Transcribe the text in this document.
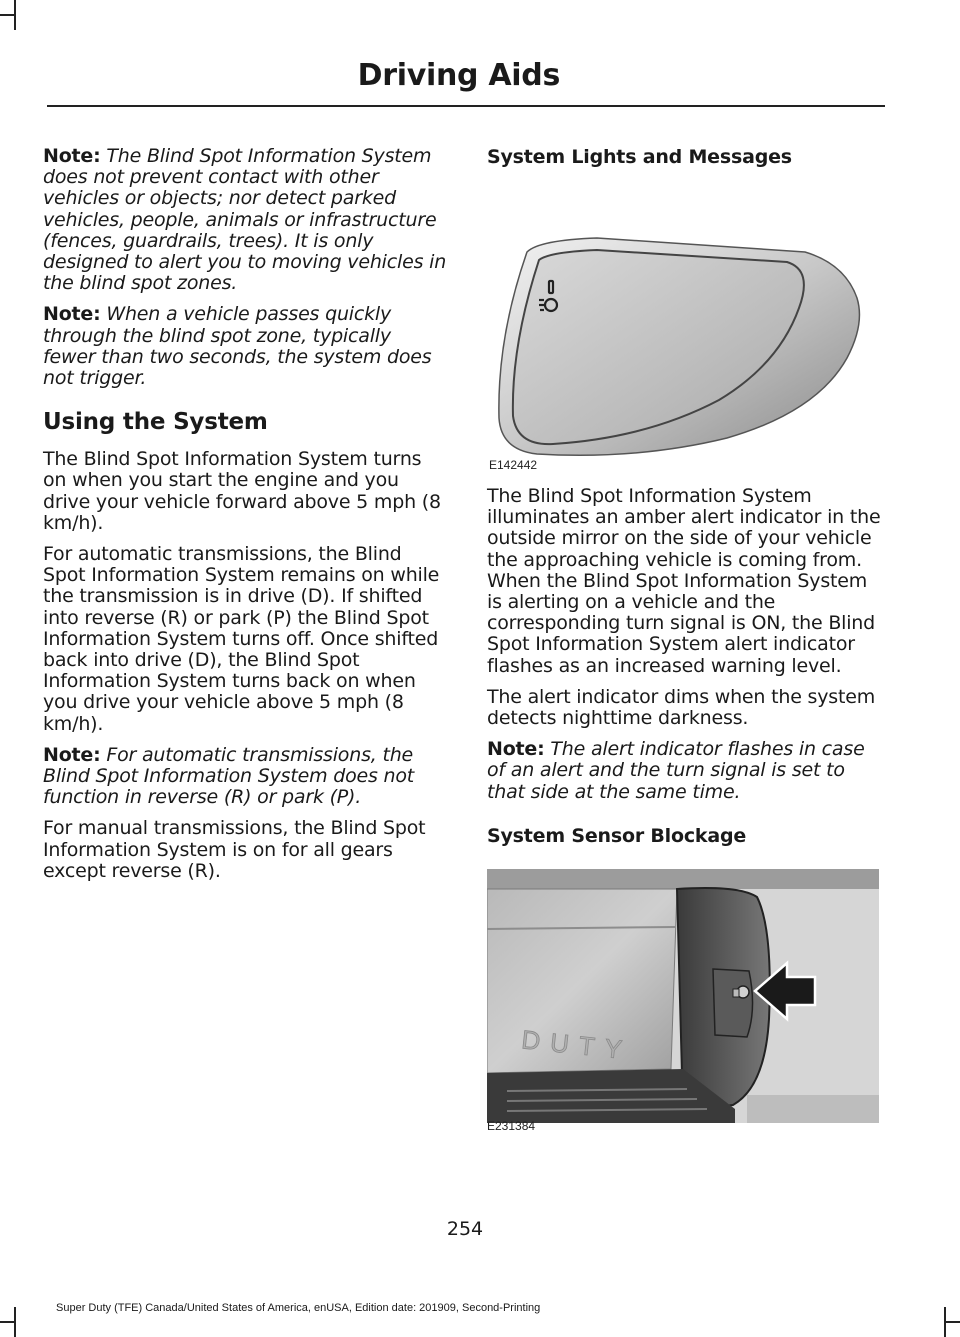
Driving Aids

Note: The Blind Spot Information System does not prevent contact with other vehicles or objects; nor detect parked vehicles, people, animals or infrastructure (fences, guardrails, trees). It is only designed to alert you to moving vehicles in the blind spot zones.

Note: When a vehicle passes quickly through the blind spot zone, typically fewer than two seconds, the system does not trigger.

Using the System

The Blind Spot Information System turns on when you start the engine and you drive your vehicle forward above 5 mph (8 km/h).

For automatic transmissions, the Blind Spot Information System remains on while the transmission is in drive (D). If shifted into reverse (R) or park (P) the Blind Spot Information System turns off. Once shifted back into drive (D), the Blind Spot Information System turns back on when you drive your vehicle above 5 mph (8 km/h).

Note: For automatic transmissions, the Blind Spot Information System does not function in reverse (R) or park (P).

For manual transmissions, the Blind Spot Information System is on for all gears except reverse (R).

System Lights and Messages
E142442

The Blind Spot Information System illuminates an amber alert indicator in the outside mirror on the side of your vehicle the approaching vehicle is coming from. When the Blind Spot Information System is alerting on a vehicle and the corresponding turn signal is ON, the Blind Spot Information System alert indicator flashes as an increased warning level.

The alert indicator dims when the system detects nighttime darkness.

Note: The alert indicator flashes in case of an alert and the turn signal is set to that side at the same time.

System Sensor Blockage
DUTY
E231384
254
Super Duty (TFE) Canada/United States of America, enUSA, Edition date: 201909, Second-Printing
